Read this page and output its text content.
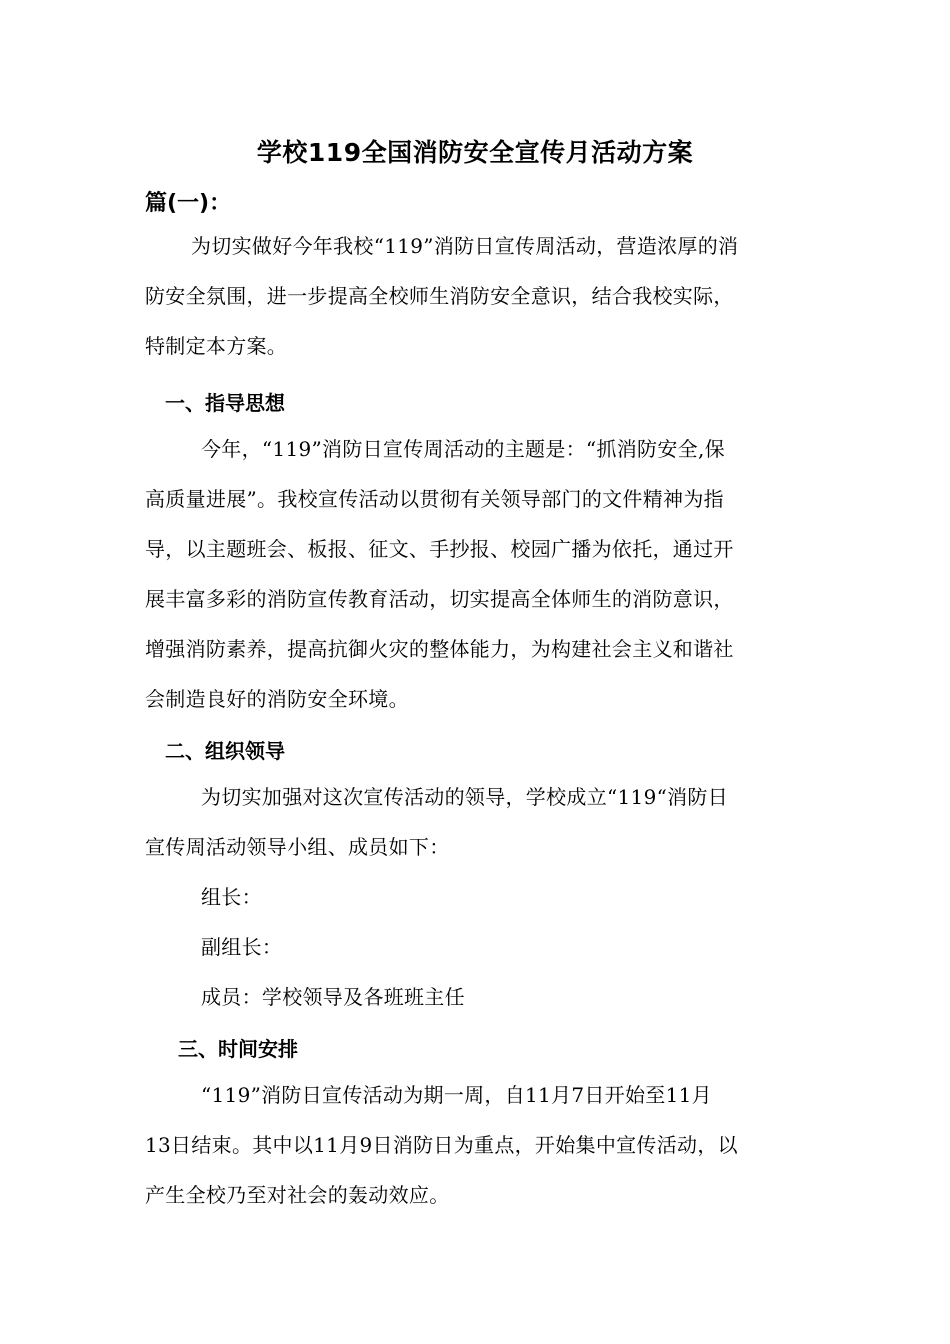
学校119全国消防安全宣传月活动方案
篇(一)：
为切实做好今年我校“119”消防日宣传周活动，营造浓厚的消
防安全氛围，进一步提高全校师生消防安全意识，结合我校实际，
特制定本方案。
一、指导思想
今年，“119”消防日宣传周活动的主题是：“抓消防安全,保
高质量进展”。我校宣传活动以贯彻有关领导部门的文件精神为指
导，以主题班会、板报、征文、手抄报、校园广播为依托，通过开
展丰富多彩的消防宣传教育活动，切实提高全体师生的消防意识，
增强消防素养，提高抗御火灾的整体能力，为构建社会主义和谐社
会制造良好的消防安全环境。
二、组织领导
为切实加强对这次宣传活动的领导，学校成立“119“消防日
宣传周活动领导小组、成员如下：
组长：
副组长：
成员：学校领导及各班班主任
三、时间安排
“119”消防日宣传活动为期一周，自11月7日开始至11月
13日结束。其中以11月9日消防日为重点，开始集中宣传活动，以
产生全校乃至对社会的轰动效应。
